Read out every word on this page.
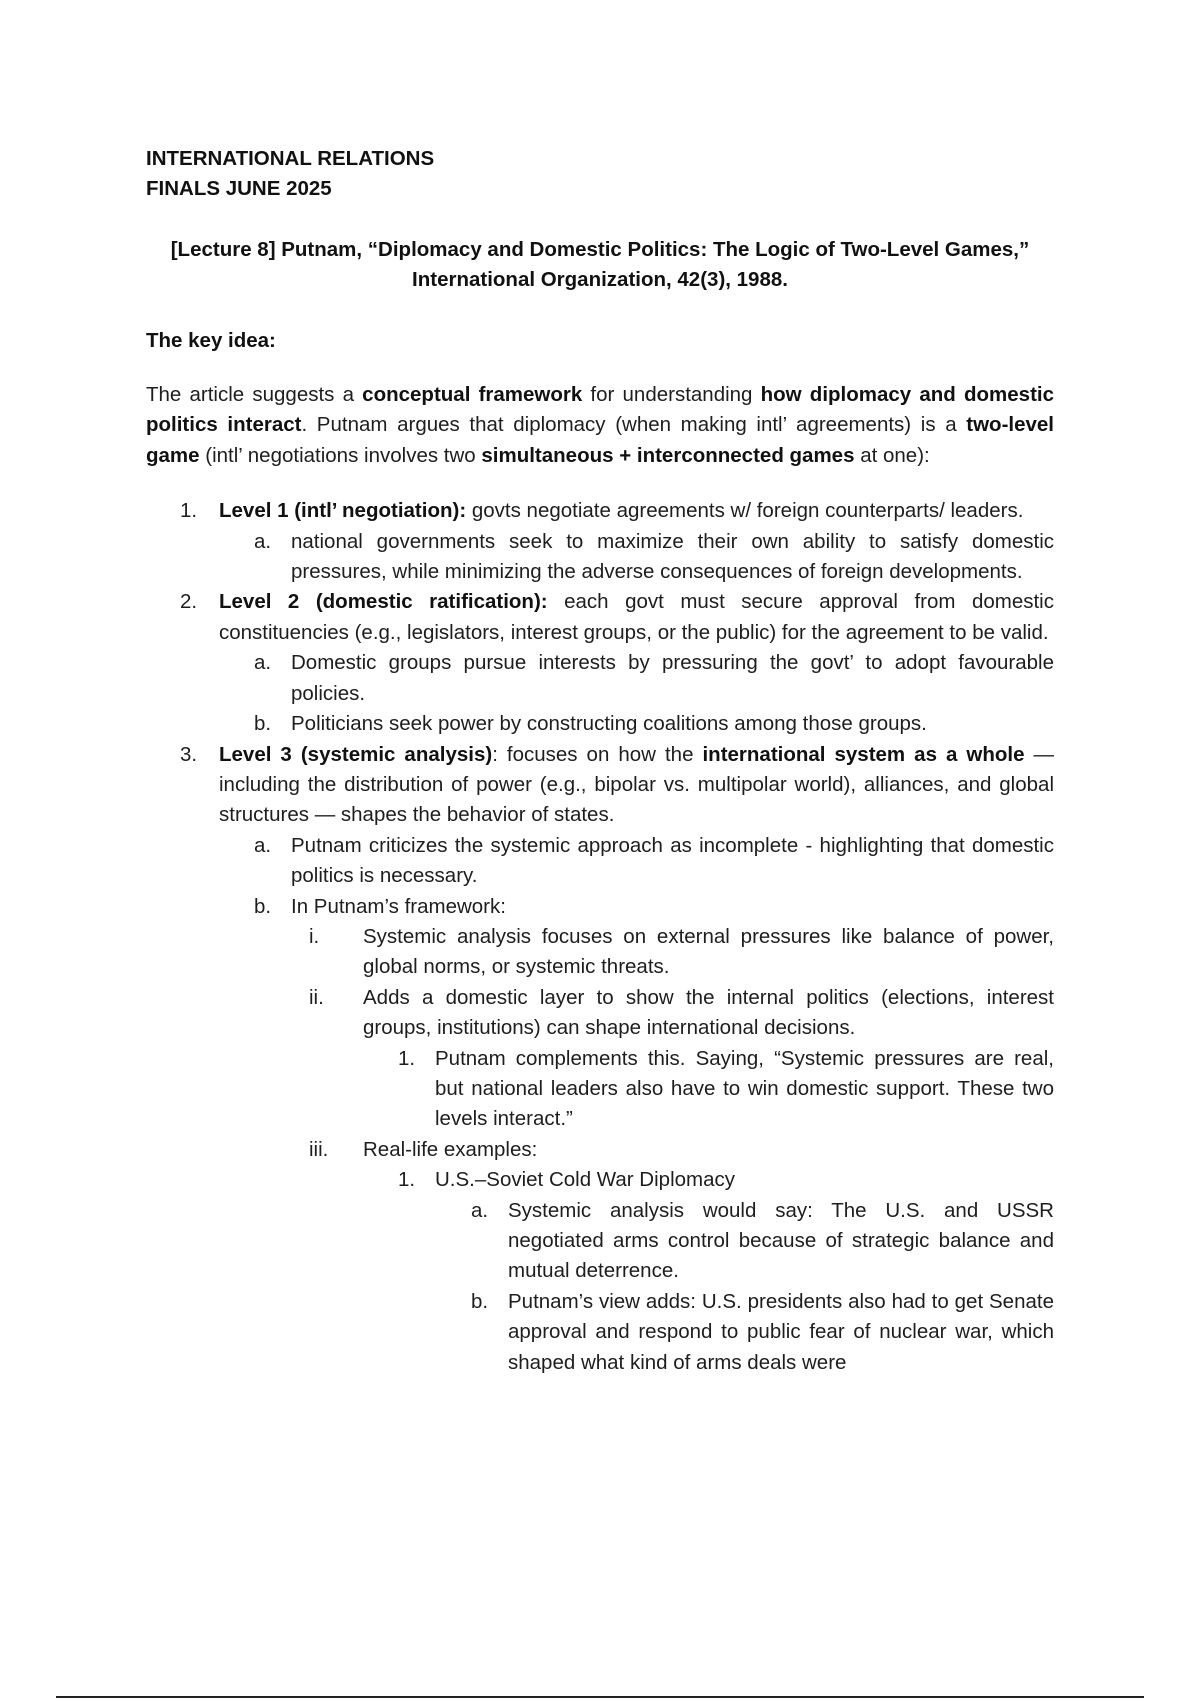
INTERNATIONAL RELATIONS
FINALS JUNE 2025
[Lecture 8] Putnam, “Diplomacy and Domestic Politics: The Logic of Two-Level Games,” International Organization, 42(3), 1988.
The key idea:
The article suggests a conceptual framework for understanding how diplomacy and domestic politics interact. Putnam argues that diplomacy (when making intl’ agreements) is a two-level game (intl’ negotiations involves two simultaneous + interconnected games at one):
1. Level 1 (intl’ negotiation): govts negotiate agreements w/ foreign counterparts/ leaders.
a. national governments seek to maximize their own ability to satisfy domestic pressures, while minimizing the adverse consequences of foreign developments.
2. Level 2 (domestic ratification): each govt must secure approval from domestic constituencies (e.g., legislators, interest groups, or the public) for the agreement to be valid.
a. Domestic groups pursue interests by pressuring the govt’ to adopt favourable policies.
b. Politicians seek power by constructing coalitions among those groups.
3. Level 3 (systemic analysis): focuses on how the international system as a whole — including the distribution of power (e.g., bipolar vs. multipolar world), alliances, and global structures — shapes the behavior of states.
a. Putnam criticizes the systemic approach as incomplete - highlighting that domestic politics is necessary.
b. In Putnam’s framework:
i. Systemic analysis focuses on external pressures like balance of power, global norms, or systemic threats.
ii. Adds a domestic layer to show the internal politics (elections, interest groups, institutions) can shape international decisions.
1. Putnam complements this. Saying, “Systemic pressures are real, but national leaders also have to win domestic support. These two levels interact.”
iii. Real-life examples:
1. U.S.–Soviet Cold War Diplomacy
a. Systemic analysis would say: The U.S. and USSR negotiated arms control because of strategic balance and mutual deterrence.
b. Putnam’s view adds: U.S. presidents also had to get Senate approval and respond to public fear of nuclear war, which shaped what kind of arms deals were
